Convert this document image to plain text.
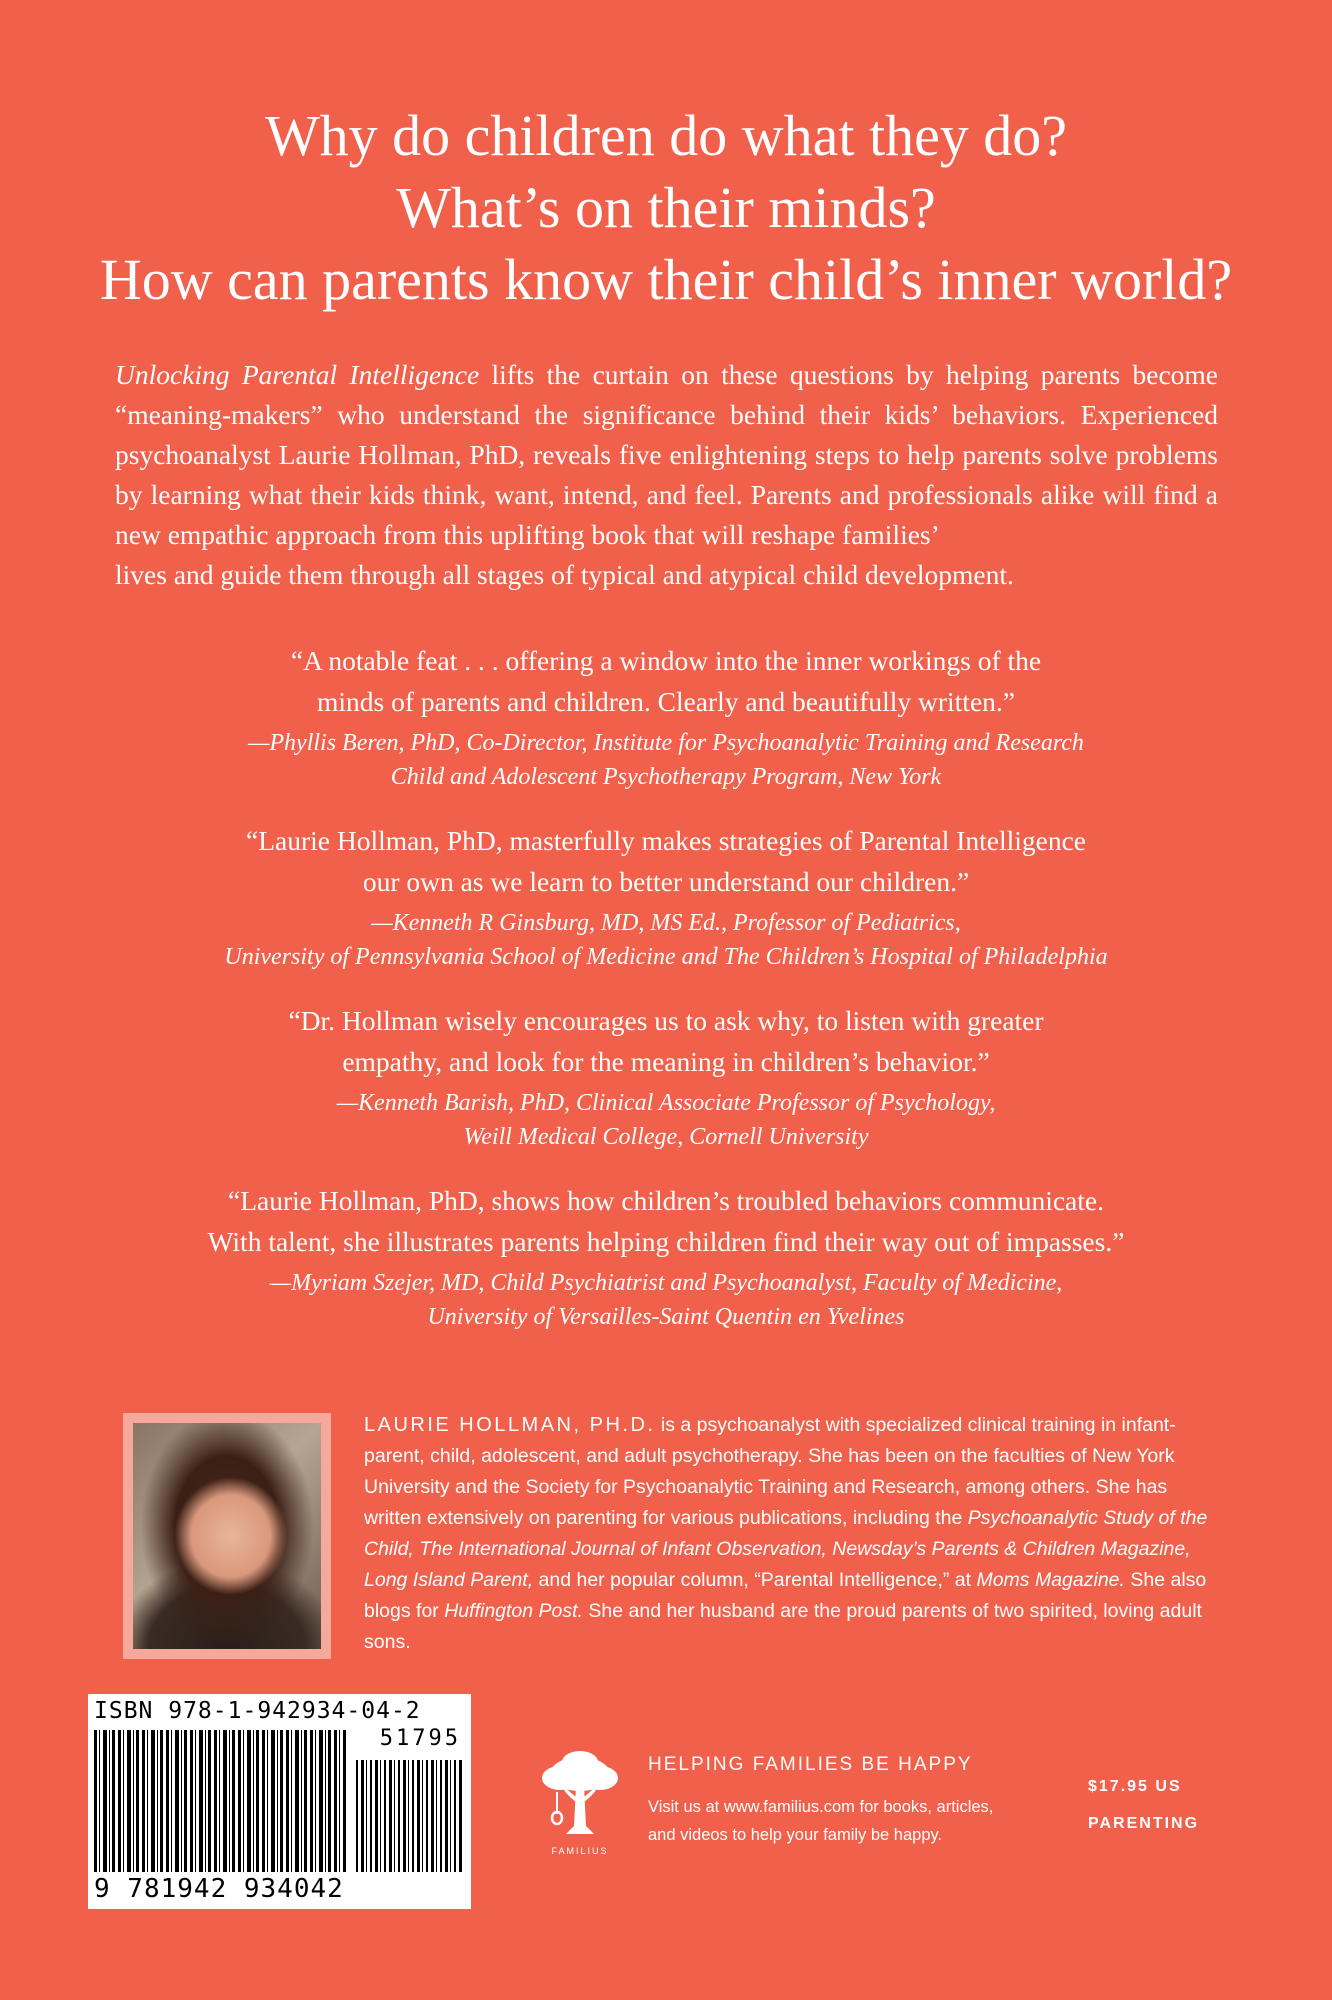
Why do children do what they do?
What’s on their minds?
How can parents know their child’s inner world?
Unlocking Parental Intelligence lifts the curtain on these questions by helping parents become “meaning-makers” who understand the significance behind their kids’ behaviors. Experienced psychoanalyst Laurie Hollman, PhD, reveals five enlightening steps to help parents solve problems by learning what their kids think, want, intend, and feel. Parents and professionals alike will find a new empathic approach from this uplifting book that will reshape families’
lives and guide them through all stages of typical and atypical child development.
“A notable feat . . . offering a window into the inner workings of the
minds of parents and children. Clearly and beautifully written.”
—Phyllis Beren, PhD, Co-Director, Institute for Psychoanalytic Training and Research
Child and Adolescent Psychotherapy Program, New York
“Laurie Hollman, PhD, masterfully makes strategies of Parental Intelligence
our own as we learn to better understand our children.”
—Kenneth R Ginsburg, MD, MS Ed., Professor of Pediatrics,
University of Pennsylvania School of Medicine and The Children’s Hospital of Philadelphia
“Dr. Hollman wisely encourages us to ask why, to listen with greater
empathy, and look for the meaning in children’s behavior.”
—Kenneth Barish, PhD, Clinical Associate Professor of Psychology,
Weill Medical College, Cornell University
“Laurie Hollman, PhD, shows how children’s troubled behaviors communicate.
With talent, she illustrates parents helping children find their way out of impasses.”
—Myriam Szejer, MD, Child Psychiatrist and Psychoanalyst, Faculty of Medicine,
University of Versailles-Saint Quentin en Yvelines
LAURIE HOLLMAN, PH.D. is a psychoanalyst with specialized clinical training in infant-parent, child, adolescent, and adult psychotherapy. She has been on the faculties of New York University and the Society for Psychoanalytic Training and Research, among others. She has written extensively on parenting for various publications, including the Psychoanalytic Study of the Child, The International Journal of Infant Observation, Newsday’s Parents & Children Magazine, Long Island Parent, and her popular column, “Parental Intelligence,” at Moms Magazine. She also blogs for Huffington Post. She and her husband are the proud parents of two spirited, loving adult sons.
ISBN 978-1-942934-04-2
51795
9 781942 934042
FAMILIUS
HELPING FAMILIES BE HAPPY
Visit us at www.familius.com for books, articles,
and videos to help your family be happy.
$17.95 US
PARENTING
